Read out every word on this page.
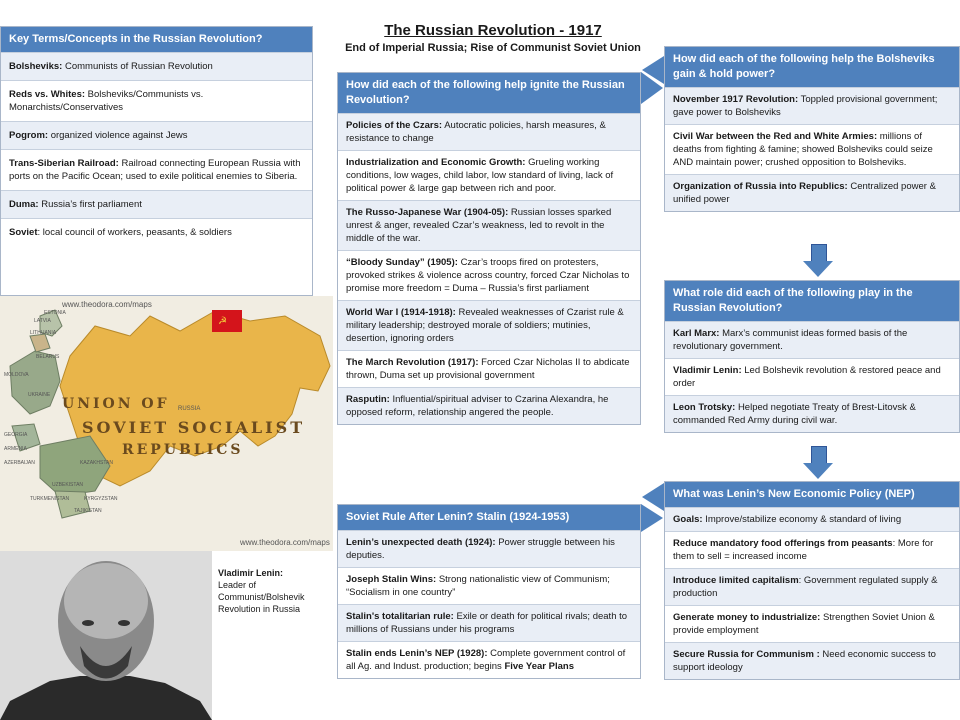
The Russian Revolution - 1917
End of Imperial Russia; Rise of Communist Soviet Union
Key Terms/Concepts in the Russian Revolution?
Bolsheviks: Communists of Russian Revolution
Reds vs. Whites: Bolsheviks/Communists vs. Monarchists/Conservatives
Pogrom: organized violence against Jews
Trans-Siberian Railroad: Railroad connecting European Russia with ports on the Pacific Ocean; used to exile political enemies to Siberia.
Duma: Russia’s first parliament
Soviet: local council of workers, peasants, & soldiers
☭
www.theodora.com/maps
UNION OF
SOVIET SOCIALIST
REPUBLICS
www.theodora.com/maps
LATVIA
LITHUANIA
ESTONIA
BELARUS
MOLDOVA
UKRAINE
GEORGIA
ARMENIA
AZERBAIJAN
TURKMENISTAN
UZBEKISTAN
KAZAKHSTAN
KYRGYZSTAN
TAJIKISTAN
RUSSIA
Vladimir Lenin:
Leader of Communist/Bolshevik Revolution in Russia
How did each of the following help ignite the Russian Revolution?
Policies of the Czars: Autocratic policies, harsh measures, & resistance to change
Industrialization and Economic Growth: Grueling working conditions, low wages, child labor, low standard of living, lack of political power & large gap between rich and poor.
The Russo-Japanese War (1904-05): Russian losses sparked unrest & anger, revealed Czar’s weakness, led to revolt in the middle of the war.
“Bloody Sunday” (1905): Czar’s troops fired on protesters, provoked strikes & violence across country, forced Czar Nicholas to promise more freedom = Duma – Russia’s first parliament
World War I (1914-1918): Revealed weaknesses of Czarist rule & military leadership; destroyed morale of soldiers; mutinies, desertion, ignoring orders
The March Revolution (1917): Forced Czar Nicholas II to abdicate thrown, Duma set up provisional government
Rasputin: Influential/spiritual adviser to Czarina Alexandra, he opposed reform, relationship angered the people.
How did each of the following help the Bolsheviks gain & hold power?
November 1917 Revolution: Toppled provisional government; gave power to Bolsheviks
Civil War between the Red and White Armies: millions of deaths from fighting & famine; showed Bolsheviks could seize AND maintain power; crushed opposition to Bolsheviks.
Organization of Russia into Republics: Centralized power & unified power
What role did each of the following play in the Russian Revolution?
Karl Marx: Marx’s communist ideas formed basis of the revolutionary government.
Vladimir Lenin: Led Bolshevik revolution & restored peace and order
Leon Trotsky: Helped negotiate Treaty of Brest-Litovsk & commanded Red Army during civil war.
What was Lenin’s New Economic Policy (NEP)
Goals: Improve/stabilize economy & standard of living
Reduce mandatory food offerings from peasants: More for them to sell = increased income
Introduce limited capitalism: Government regulated supply & production
Generate money to industrialize: Strengthen Soviet Union & provide employment
Secure Russia for Communism : Need economic success to support ideology
Soviet Rule After Lenin? Stalin (1924-1953)
Lenin’s unexpected death (1924): Power struggle between his deputies.
Joseph Stalin Wins: Strong nationalistic view of Communism; “Socialism in one country”
Stalin's totalitarian rule: Exile or death for political rivals; death to millions of Russians under his programs
Stalin ends Lenin’s NEP (1928): Complete government control of all Ag. and Indust. production; begins Five Year Plans
